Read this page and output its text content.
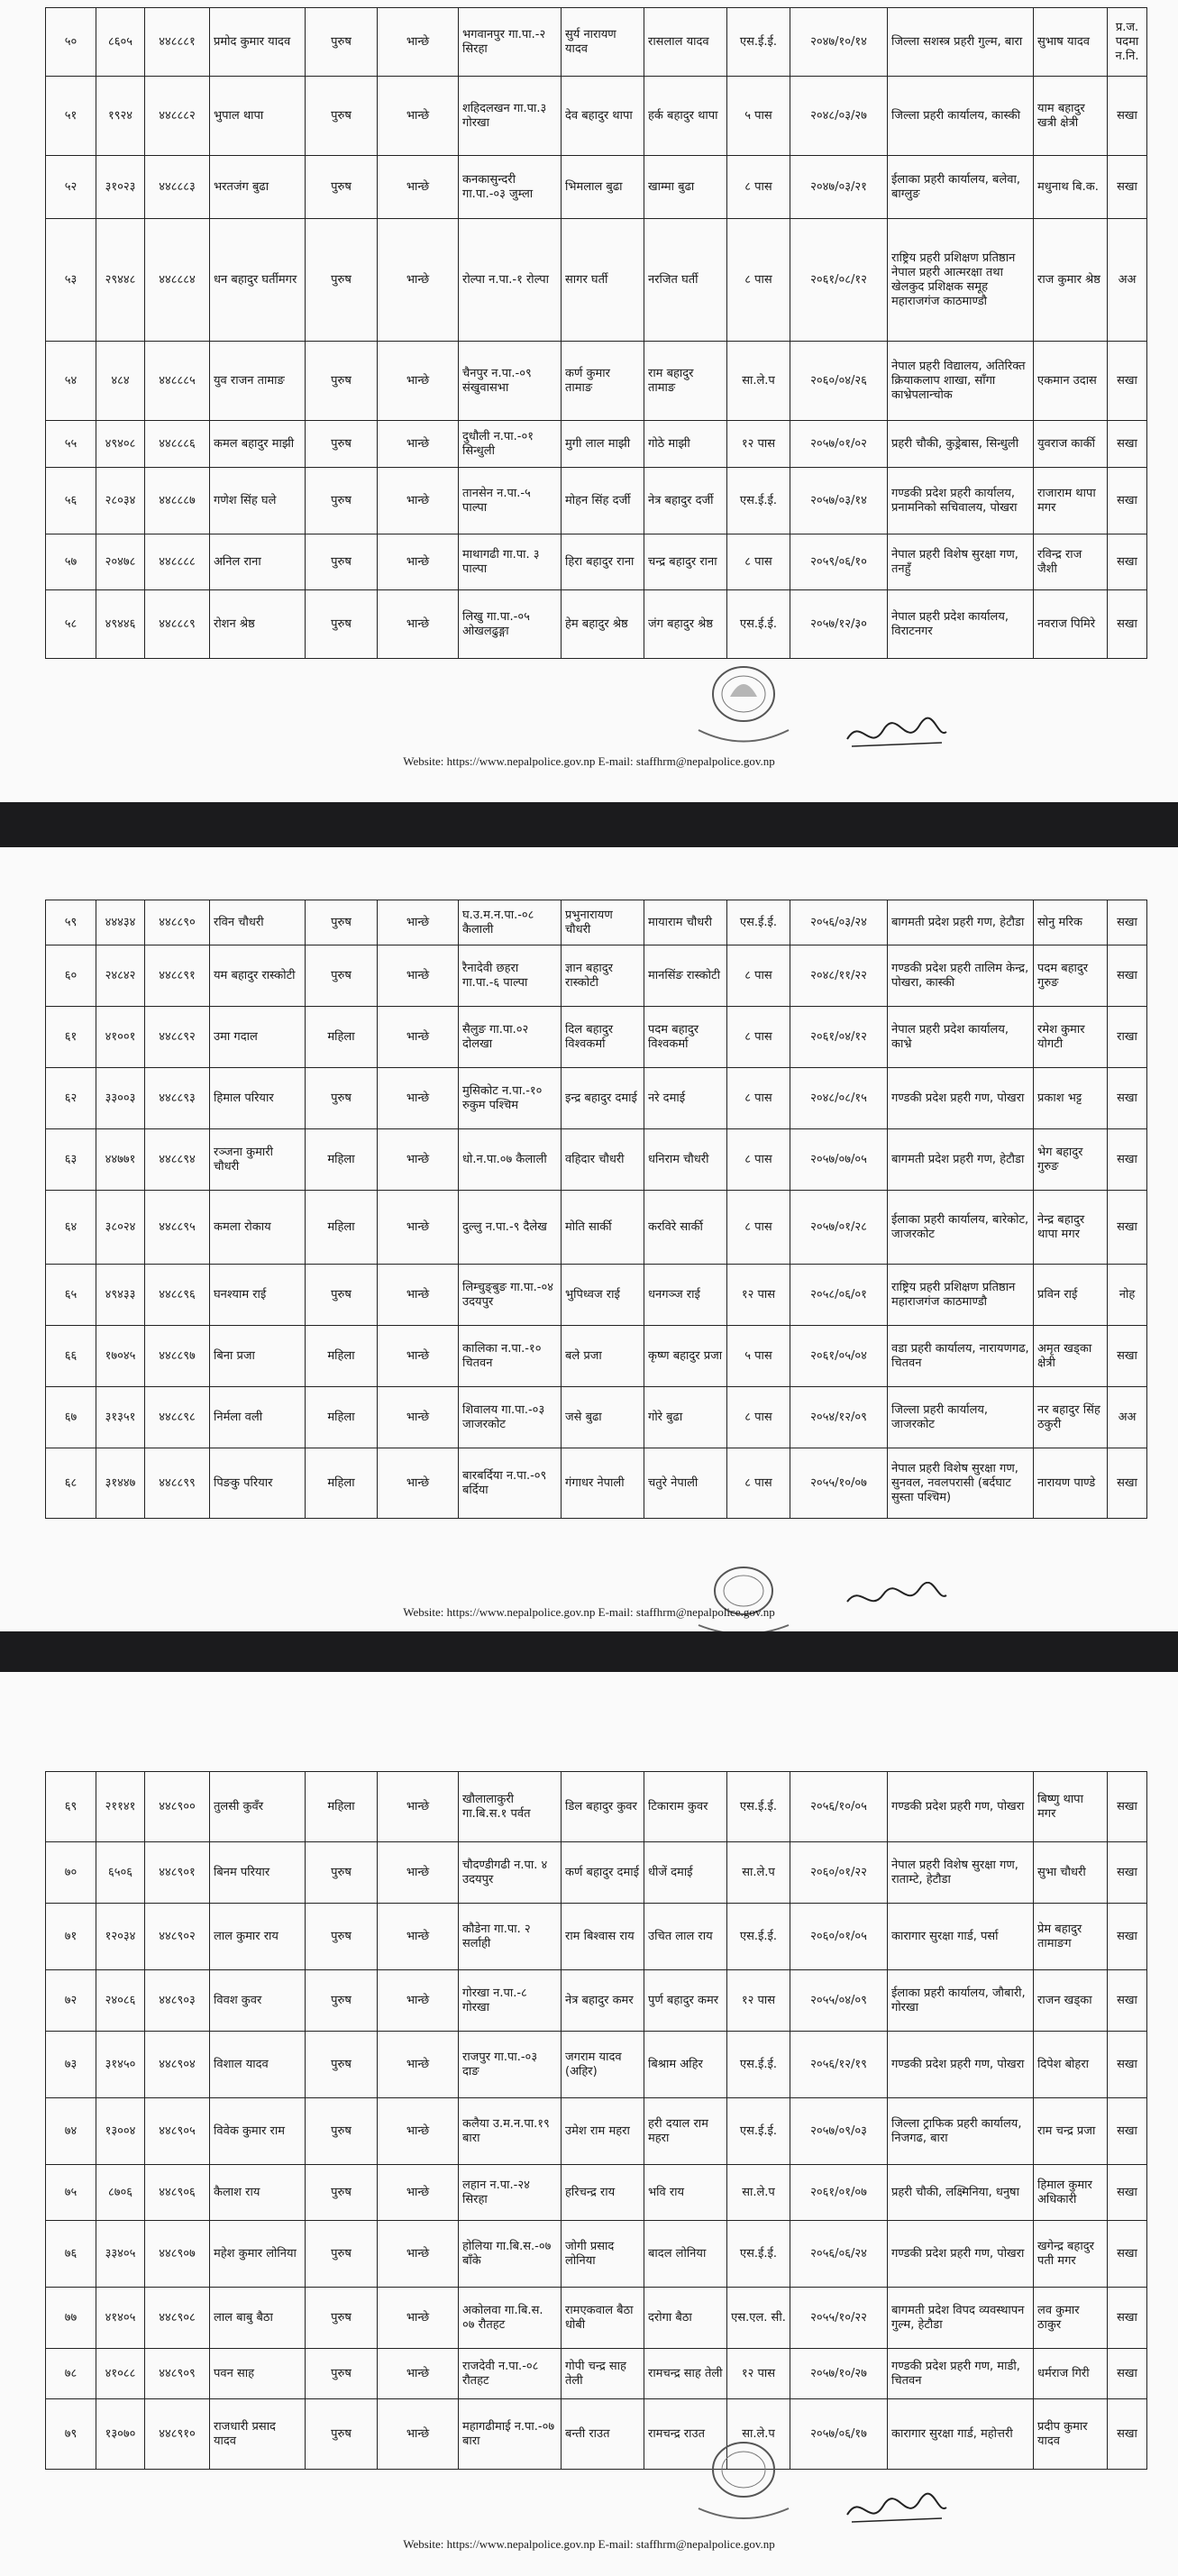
५०	८६०५	४४८८८१	प्रमोद कुमार यादव	पुरुष	भान्छे	भगवानपुर गा.पा.-२ सिरहा	सुर्य नारायण यादव	रासलाल यादव	एस.ई.ई.	२०४७/१०/१४	जिल्ला सशस्त्र प्रहरी गुल्म, बारा	सुभाष यादव	प्र.ज. पदमा न.नि.
५१	१९२४	४४८८८२	भुपाल थापा	पुरुष	भान्छे	शहिदलखन गा.पा.३ गोरखा	देव बहादुर थापा	हर्क बहादुर थापा	५ पास	२०४८/०३/२७	जिल्ला प्रहरी कार्यालय, कास्की	याम बहादुर खत्री क्षेत्री	सखा
५२	३१०२३	४४८८८३	भरतजंग बुढा	पुरुष	भान्छे	कनकासुन्दरी गा.पा.-०३ जुम्ला	भिमलाल बुढा	खाम्मा बुढा	८ पास	२०४७/०३/२१	ईलाका प्रहरी कार्यालय, बलेवा, बाग्लुङ	मधुनाथ बि.क.	सखा
५३	२९४४८	४४८८८४	धन बहादुर घर्तीमगर	पुरुष	भान्छे	रोल्पा न.पा.-१ रोल्पा	सागर घर्ती	नरजित घर्ती	८ पास	२०६१/०८/१२	राष्ट्रिय प्रहरी प्रशिक्षण प्रतिष्ठान नेपाल प्रहरी आत्मरक्षा तथा खेलकुद प्रशिक्षक समूह महाराजगंज काठमाण्डौ	राज कुमार श्रेष्ठ	अअ
५४	४८४	४४८८८५	युव राजन तामाङ	पुरुष	भान्छे	चैनपुर न.पा.-०९ संखुवासभा	कर्ण कुमार तामाङ	राम बहादुर तामाङ	सा.ले.प	२०६०/०४/२६	नेपाल प्रहरी विद्यालय, अतिरिक्त क्रियाकलाप शाखा, साँगा काभ्रेपलान्चोक	एकमान उदास	सखा
५५	४९४०८	४४८८८६	कमल बहादुर माझी	पुरुष	भान्छे	दुधौली न.पा.-०१ सिन्धुली	मुगी लाल माझी	गोठे माझी	१२ पास	२०५७/०१/०२	प्रहरी चौकी, कुड्रेबास, सिन्धुली	युवराज कार्की	सखा
५६	२८०३४	४४८८८७	गणेश सिंह घले	पुरुष	भान्छे	तानसेन न.पा.-५ पाल्पा	मोहन सिंह दर्जी	नेत्र बहादुर दर्जी	एस.ई.ई.	२०५७/०३/१४	गण्डकी प्रदेश प्रहरी कार्यालय, प्रनामनिको सचिवालय, पोखरा	राजाराम थापा मगर	सखा
५७	२०४७८	४४८८८८	अनिल राना	पुरुष	भान्छे	माथागढी गा.पा. ३ पाल्पा	हिरा बहादुर राना	चन्द्र बहादुर राना	८ पास	२०५९/०६/१०	नेपाल प्रहरी विशेष सुरक्षा गण, तनहुँ	रविन्द्र राज जैशी	सखा
५८	४९४४६	४४८८८९	रोशन श्रेष्ठ	पुरुष	भान्छे	लिखु गा.पा.-०५ ओखलढुङ्गा	हेम बहादुर श्रेष्ठ	जंग बहादुर श्रेष्ठ	एस.ई.ई.	२०५७/१२/३०	नेपाल प्रहरी प्रदेश कार्यालय, विराटनगर	नवराज पिमिरे	सखा
Website: https://www.nepalpolice.gov.np E-mail: staffhrm@nepalpolice.gov.np
५९	४४४३४	४४८८९०	रविन चौधरी	पुरुष	भान्छे	घ.उ.म.न.पा.-०८ कैलाली	प्रभुनारायण चौधरी	मायाराम चौधरी	एस.ई.ई.	२०५६/०३/२४	बागमती प्रदेश प्रहरी गण, हेटौडा	सोनु मरिक	सखा
६०	२४८४२	४४८८९१	यम बहादुर रास्कोटी	पुरुष	भान्छे	रैनादेवी छहरा गा.पा.-६ पाल्पा	ज्ञान बहादुर रास्कोटी	मानसिंङ रास्कोटी	८ पास	२०४८/११/२२	गण्डकी प्रदेश प्रहरी तालिम केन्द्र, पोखरा, कास्की	पदम बहादुर गुरुङ	सखा
६१	४१००१	४४८८९२	उमा गदाल	महिला	भान्छे	सैलुङ गा.पा.०२ दोलखा	दिल बहादुर विश्वकर्मा	पदम बहादुर विश्वकर्मा	८ पास	२०६१/०४/१२	नेपाल प्रहरी प्रदेश कार्यालय, काभ्रे	रमेश कुमार योगटी	राखा
६२	३३००३	४४८८९३	हिमाल परियार	पुरुष	भान्छे	मुसिकोट न.पा.-१० रुकुम पश्चिम	इन्द्र बहादुर दमाई	नरे दमाई	८ पास	२०४८/०८/१५	गण्डकी प्रदेश प्रहरी गण, पोखरा	प्रकाश भट्ट	सखा
६३	४४७७१	४४८८९४	रञ्जना कुमारी चौधरी	महिला	भान्छे	धो.न.पा.०७ कैलाली	वहिदार चौधरी	धनिराम चौधरी	८ पास	२०५७/०७/०५	बागमती प्रदेश प्रहरी गण, हेटौडा	भेग बहादुर गुरुङ	सखा
६४	३८०२४	४४८८९५	कमला रोकाय	महिला	भान्छे	दुल्लु न.पा.-९ दैलेख	मोति सार्की	करविरे सार्की	८ पास	२०५७/०१/२८	ईलाका प्रहरी कार्यालय, बारेकोट, जाजरकोट	नेन्द्र बहादुर थापा मगर	सखा
६५	४९४३३	४४८८९६	घनश्याम राई	पुरुष	भान्छे	लिम्चुङ्बुङ गा.पा.-०४ उदयपुर	भुपिध्वज राई	धनगञ्ज राई	१२ पास	२०५८/०६/०१	राष्ट्रिय प्रहरी प्रशिक्षण प्रतिष्ठान महाराजगंज काठमाण्डौ	प्रविन राई	नोह
६६	१७०४५	४४८८९७	बिना प्रजा	महिला	भान्छे	कालिका न.पा.-१० चितवन	बले प्रजा	कृष्ण बहादुर प्रजा	५ पास	२०६१/०५/०४	वडा प्रहरी कार्यालय, नारायणगढ, चितवन	अमृत खड्का क्षेत्री	सखा
६७	३१३५१	४४८८९८	निर्मला वली	महिला	भान्छे	शिवालय गा.पा.-०३ जाजरकोट	जसे बुढा	गोरे बुढा	८ पास	२०५४/१२/०९	जिल्ला प्रहरी कार्यालय, जाजरकोट	नर बहादुर सिंह ठकुरी	अअ
६८	३१४४७	४४८८९९	पिङकु परियार	महिला	भान्छे	बारबर्दिया न.पा.-०९ बर्दिया	गंगाधर नेपाली	चतुरे नेपाली	८ पास	२०५५/१०/०७	नेपाल प्रहरी विशेष सुरक्षा गण, सुनवल, नवलपरासी (बर्दघाट सुस्ता पश्चिम)	नारायण पाण्डे	सखा
Website: https://www.nepalpolice.gov.np E-mail: staffhrm@nepalpolice.gov.np
६९	२११४१	४४८९००	तुलसी कुवँर	महिला	भान्छे	खौलालाकुरी गा.बि.स.१ पर्वत	डिल बहादुर कुवर	टिकाराम कुवर	एस.ई.ई.	२०५६/१०/०५	गण्डकी प्रदेश प्रहरी गण, पोखरा	बिष्णु थापा मगर	सखा
७०	६५०६	४४८९०१	बिनम परियार	पुरुष	भान्छे	चौदण्डीगढी न.पा. ४ उदयपुर	कर्ण बहादुर दमाई	धीजें दमाई	सा.ले.प	२०६०/०१/२२	नेपाल प्रहरी विशेष सुरक्षा गण, राताम्टे, हेटौडा	सुभा चौधरी	सखा
७१	१२०३४	४४८९०२	लाल कुमार राय	पुरुष	भान्छे	कौडेना गा.पा. २ सर्लाही	राम बिश्वास राय	उचित लाल राय	एस.ई.ई.	२०६०/०१/०५	कारागार सुरक्षा गार्ड, पर्सा	प्रेम बहादुर तामाङग	सखा
७२	२४०८६	४४८९०३	विवश कुवर	पुरुष	भान्छे	गोरखा न.पा.-८ गोरखा	नेत्र बहादुर कमर	पुर्ण बहादुर कमर	१२ पास	२०५५/०४/०९	ईलाका प्रहरी कार्यालय, जौबारी, गोरखा	राजन खड्का	सखा
७३	३१४५०	४४८९०४	विशाल यादव	पुरुष	भान्छे	राजपुर गा.पा.-०३ दाङ	जगराम यादव (अहिर)	बिश्राम अहिर	एस.ई.ई.	२०५६/१२/१९	गण्डकी प्रदेश प्रहरी गण, पोखरा	दिपेश बोहरा	सखा
७४	१३००४	४४८९०५	विवेक कुमार राम	पुरुष	भान्छे	कलैया उ.म.न.पा.१९ बारा	उमेश राम महरा	हरी दयाल राम महरा	एस.ई.ई.	२०५७/०९/०३	जिल्ला ट्राफिक प्रहरी कार्यालय, निजगढ, बारा	राम चन्द्र प्रजा	सखा
७५	८७०६	४४८९०६	कैलाश राय	पुरुष	भान्छे	लहान न.पा.-२४ सिरहा	हरिचन्द्र राय	भवि राय	सा.ले.प	२०६१/०१/०७	प्रहरी चौकी, लक्ष्मिनिया, धनुषा	हिमाल कुमार अधिकारी	सखा
७६	३३४०५	४४८९०७	महेश कुमार लोनिया	पुरुष	भान्छे	होलिया गा.बि.स.-०७ बाँके	जोगी प्रसाद लोनिया	बादल लोनिया	एस.ई.ई.	२०५६/०६/२४	गण्डकी प्रदेश प्रहरी गण, पोखरा	खगेन्द्र बहादुर पती मगर	सखा
७७	४१४०५	४४८९०८	लाल बाबु बैठा	पुरुष	भान्छे	अकोलवा गा.बि.स. ०७ रौतहट	रामएकवाल बैठा धोबी	दरोगा बैठा	एस.एल. सी.	२०५५/१०/२२	बागमती प्रदेश विपद व्यवस्थापन गुल्म, हेटौडा	लव कुमार ठाकुर	सखा
७८	४१०८८	४४८९०९	पवन साह	पुरुष	भान्छे	राजदेवी न.पा.-०८ रौतहट	गोपी चन्द्र साह तेली	रामचन्द्र साह तेली	१२ पास	२०५७/१०/२७	गण्डकी प्रदेश प्रहरी गण, माडी, चितवन	धर्मराज गिरी	सखा
७९	१३०७०	४४८९१०	राजधारी प्रसाद यादव	पुरुष	भान्छे	महागढीमाई न.पा.-०७ बारा	बन्ती राउत	रामचन्द्र राउत	सा.ले.प	२०५७/०६/१७	कारागार सुरक्षा गार्ड, महोत्तरी	प्रदीप कुमार यादव	सखा
Website: https://www.nepalpolice.gov.np E-mail: staffhrm@nepalpolice.gov.np
